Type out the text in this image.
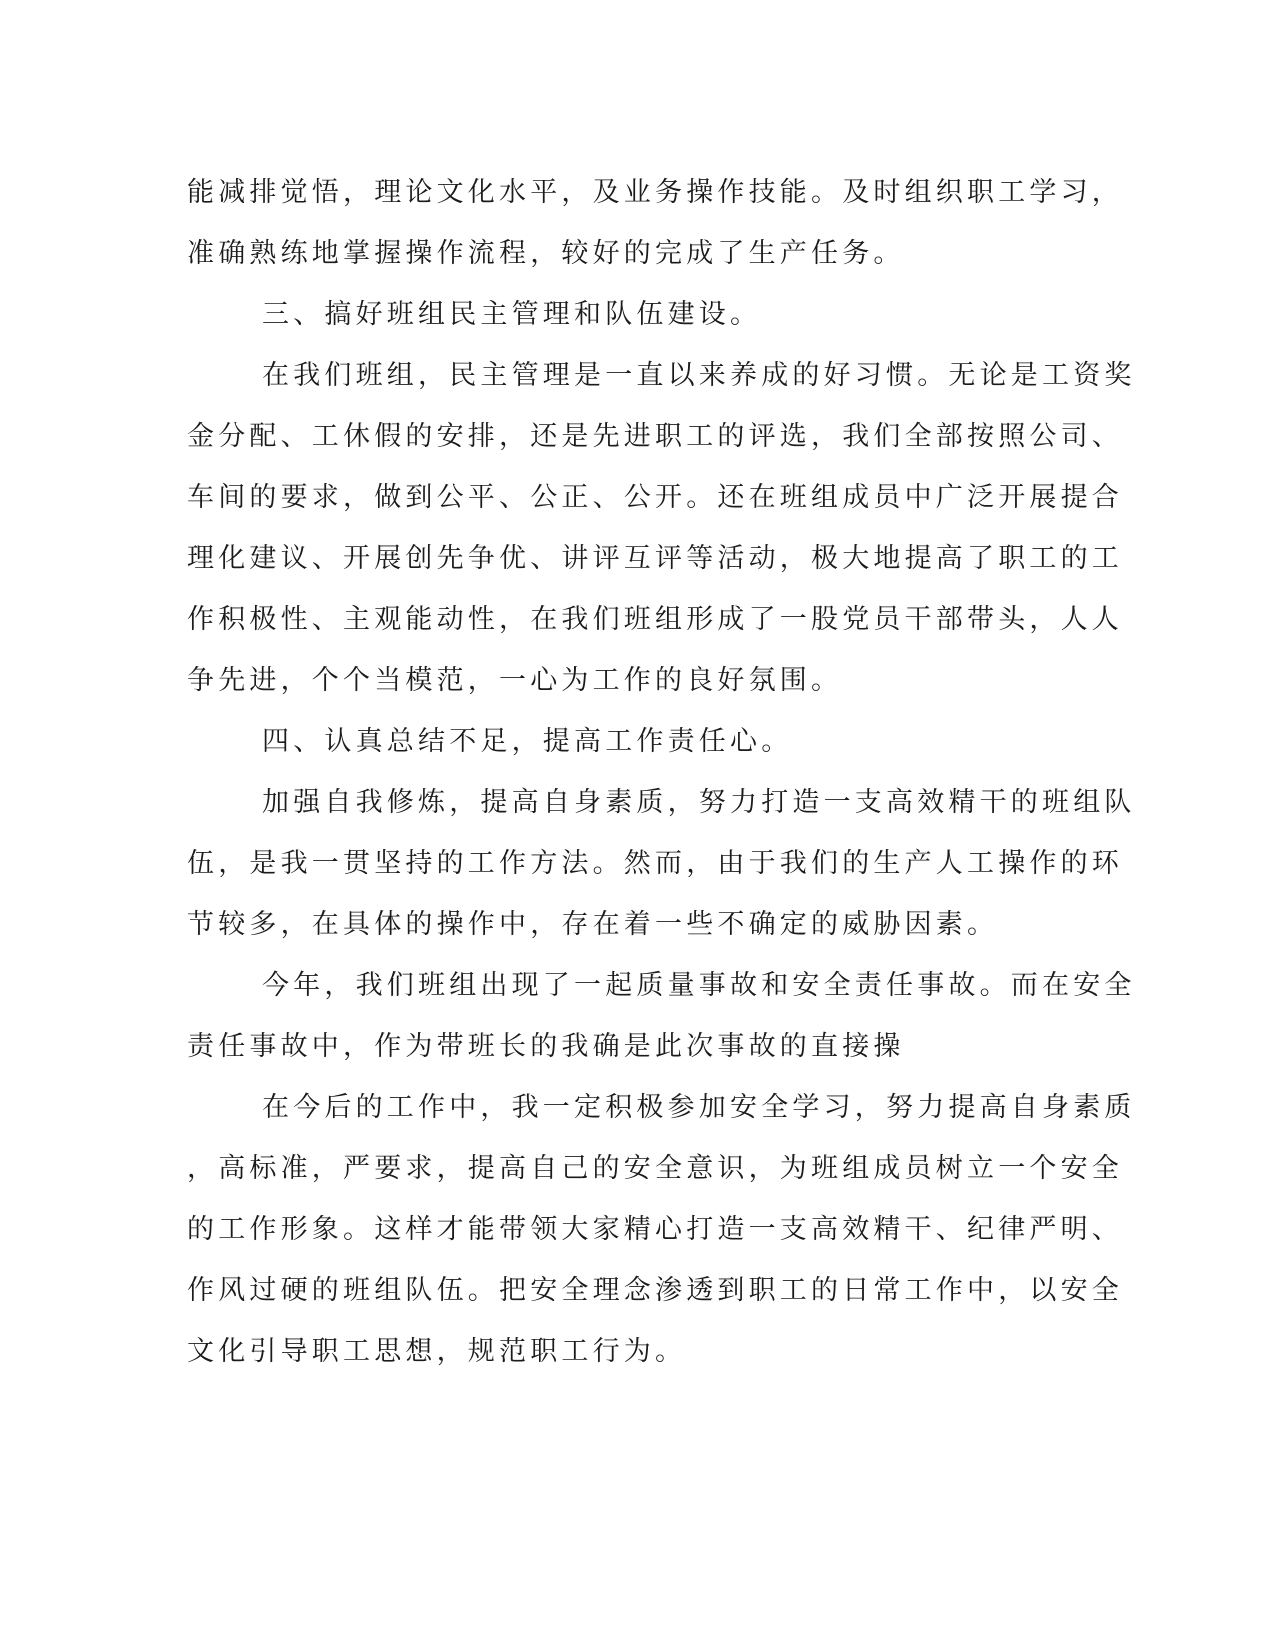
能减排觉悟，理论文化水平，及业务操作技能。及时组织职工学习，
准确熟练地掌握操作流程，较好的完成了生产任务。
三、搞好班组民主管理和队伍建设。
在我们班组，民主管理是一直以来养成的好习惯。无论是工资奖
金分配、工休假的安排，还是先进职工的评选，我们全部按照公司、
车间的要求，做到公平、公正、公开。还在班组成员中广泛开展提合
理化建议、开展创先争优、讲评互评等活动，极大地提高了职工的工
作积极性、主观能动性，在我们班组形成了一股党员干部带头，人人
争先进，个个当模范，一心为工作的良好氛围。
四、认真总结不足，提高工作责任心。
加强自我修炼，提高自身素质，努力打造一支高效精干的班组队
伍，是我一贯坚持的工作方法。然而，由于我们的生产人工操作的环
节较多，在具体的操作中，存在着一些不确定的威胁因素。
今年，我们班组出现了一起质量事故和安全责任事故。而在安全
责任事故中，作为带班长的我确是此次事故的直接操
在今后的工作中，我一定积极参加安全学习，努力提高自身素质
，高标准，严要求，提高自己的安全意识，为班组成员树立一个安全
的工作形象。这样才能带领大家精心打造一支高效精干、纪律严明、
作风过硬的班组队伍。把安全理念渗透到职工的日常工作中，以安全
文化引导职工思想，规范职工行为。
